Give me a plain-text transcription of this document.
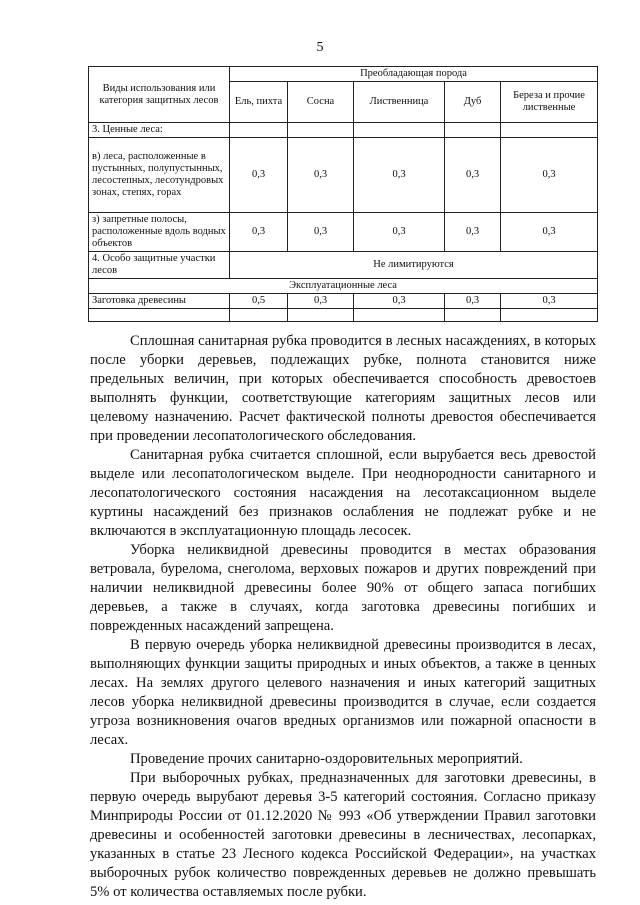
5
Виды использования или категория защитных лесов	Преобладающая порода				
	Ель, пихта	Сосна	Лиственница	Дуб	Береза и прочие лиственные
3. Ценные леса:					
в) леса, расположенные в пустынных, полупустынных, лесостепных, лесотундровых зонах, степях, горах	0,3	0,3	0,3	0,3	0,3
з) запретные полосы, расположенные вдоль водных объектов	0,3	0,3	0,3	0,3	0,3
4. Особо защитные участки лесов	Не лимитируются				
Эксплуатационные леса					
Заготовка древесины	0,5	0,3	0,3	0,3	0,3

Сплошная санитарная рубка проводится в лесных насаждениях, в которых после уборки деревьев, подлежащих рубке, полнота становится ниже предельных величин, при которых обеспечивается способность древостоев выполнять функции, соответствующие категориям защитных лесов или целевому назначению. Расчет фактической полноты древостоя обеспечивается при проведении лесопатологического обследования.

Санитарная рубка считается сплошной, если вырубается весь древостой выделе или лесопатологическом выделе. При неоднородности санитарного и лесопатологического состояния насаждения на лесотаксационном выделе куртины насаждений без признаков ослабления не подлежат рубке и не включаются в эксплуатационную площадь лесосек.

Уборка неликвидной древесины проводится в местах образования ветровала, бурелома, снеголома, верховых пожаров и других повреждений при наличии неликвидной древесины более 90% от общего запаса погибших деревьев, а также в случаях, когда заготовка древесины погибших и поврежденных насаждений запрещена.

В первую очередь уборка неликвидной древесины производится в лесах, выполняющих функции защиты природных и иных объектов, а также в ценных лесах. На землях другого целевого назначения и иных категорий защитных лесов уборка неликвидной древесины производится в случае, если создается угроза возникновения очагов вредных организмов или пожарной опасности в лесах.

Проведение прочих санитарно-оздоровительных мероприятий.

При выборочных рубках, предназначенных для заготовки древесины, в первую очередь вырубают деревья 3-5 категорий состояния. Согласно приказу Минприроды России от 01.12.2020 № 993 «Об утверждении Правил заготовки древесины и особенностей заготовки древесины в лесничествах, лесопарках, указанных в статье 23 Лесного кодекса Российской Федерации», на участках выборочных рубок количество поврежденных деревьев не должно превышать 5% от количества оставляемых после рубки.
